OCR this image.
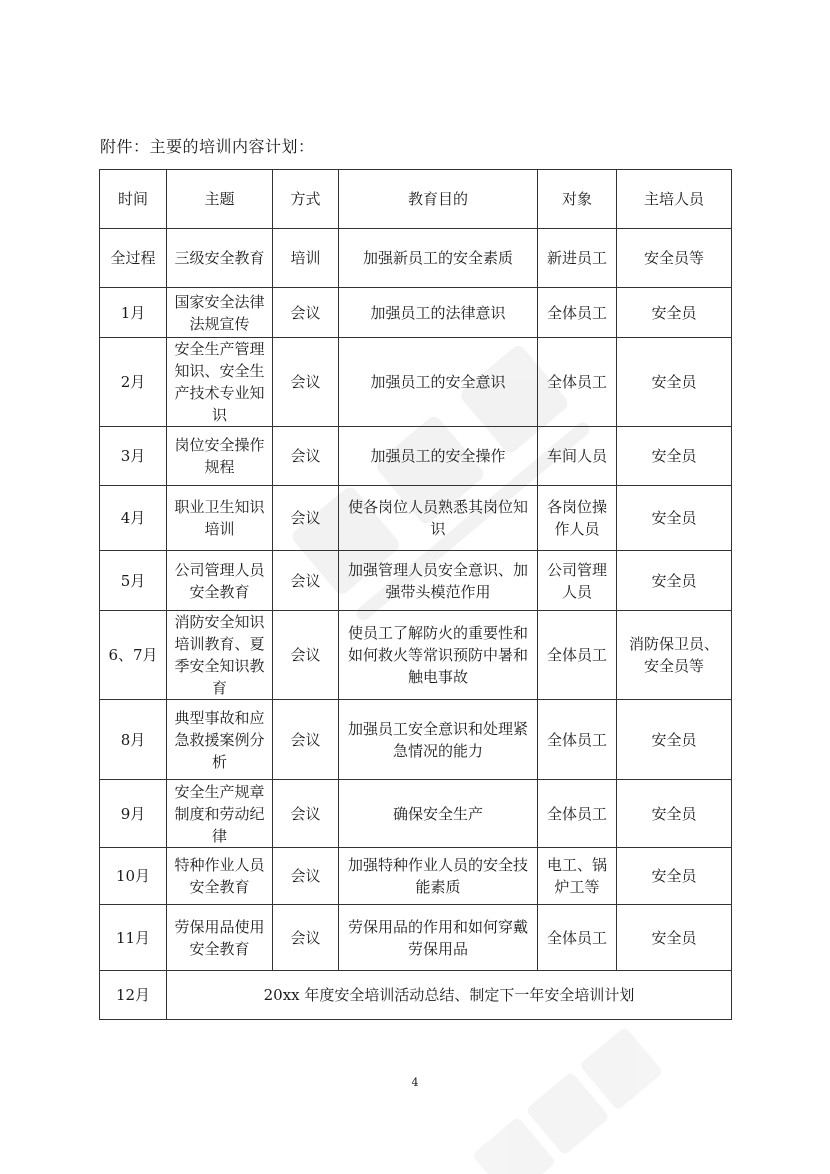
附件：主要的培训内容计划：
时间	主题	方式	教育目的	对象	主培人员

全过程	三级安全教育	培训	加强新员工的安全素质	新进员工	安全员等

1月	国家安全法律法规宣传	会议	加强员工的法律意识	全体员工	安全员

2月	安全生产管理知识、安全生产技术专业知识	会议	加强员工的安全意识	全体员工	安全员

3月	岗位安全操作规程	会议	加强员工的安全操作	车间人员	安全员

4月	职业卫生知识培训	会议	使各岗位人员熟悉其岗位知识	各岗位操作人员	安全员

5月	公司管理人员安全教育	会议	加强管理人员安全意识、加强带头模范作用	公司管理人员	安全员

6、7月	消防安全知识培训教育、夏季安全知识教育	会议	使员工了解防火的重要性和如何救火等常识预防中暑和触电事故	全体员工	消防保卫员、安全员等

8月	典型事故和应急救援案例分析	会议	加强员工安全意识和处理紧急情况的能力	全体员工	安全员

9月	安全生产规章制度和劳动纪律	会议	确保安全生产	全体员工	安全员

10月	特种作业人员安全教育	会议	加强特种作业人员的安全技能素质	电工、锅炉工等	安全员

11月	劳保用品使用安全教育	会议	劳保用品的作用和如何穿戴劳保用品	全体员工	安全员

12月	20xx 年度安全培训活动总结、制定下一年安全培训计划				
4
